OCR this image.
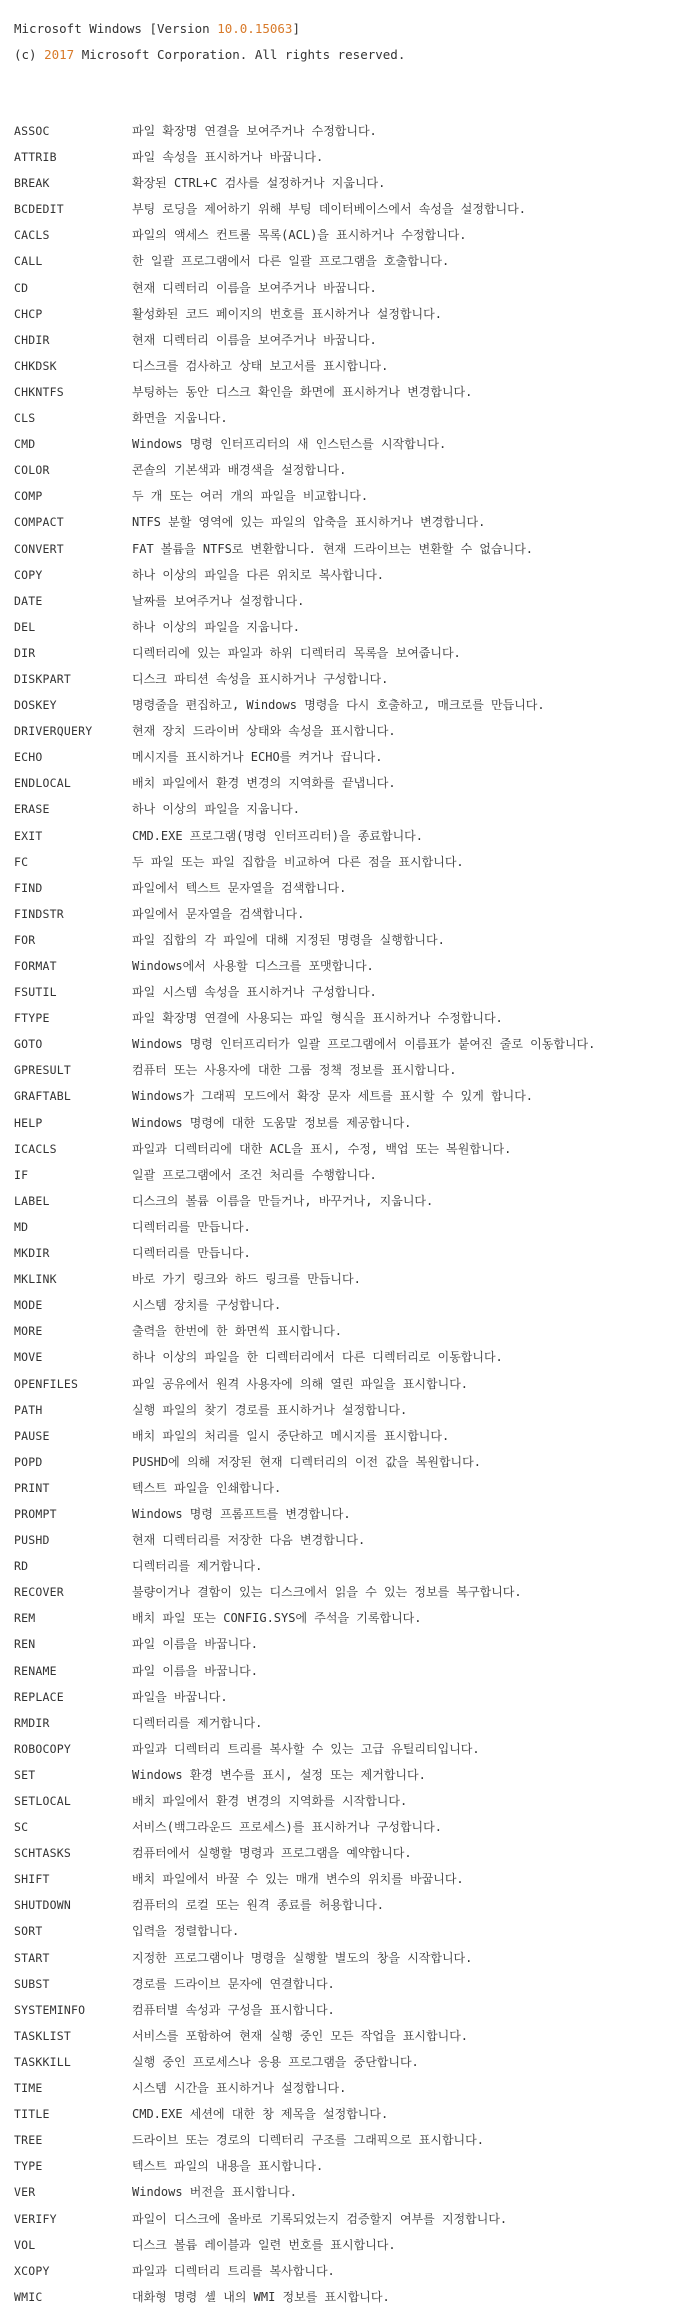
Microsoft Windows [Version 10.0.15063]
(c) 2017 Microsoft Corporation. All rights reserved.
ASSOC	파일 확장명 연결을 보여주거나 수정합니다.
ATTRIB	파일 속성을 표시하거나 바꿉니다.
BREAK	확장된 CTRL+C 검사를 설정하거나 지웁니다.
BCDEDIT	부팅 로딩을 제어하기 위해 부팅 데이터베이스에서 속성을 설정합니다.
CACLS	파일의 액세스 컨트롤 목록(ACL)을 표시하거나 수정합니다.
CALL	한 일괄 프로그램에서 다른 일괄 프로그램을 호출합니다.
CD	현재 디렉터리 이름을 보여주거나 바꿉니다.
CHCP	활성화된 코드 페이지의 번호를 표시하거나 설정합니다.
CHDIR	현재 디렉터리 이름을 보여주거나 바꿉니다.
CHKDSK	디스크를 검사하고 상태 보고서를 표시합니다.
CHKNTFS	부팅하는 동안 디스크 확인을 화면에 표시하거나 변경합니다.
CLS	화면을 지웁니다.
CMD	Windows 명령 인터프리터의 새 인스턴스를 시작합니다.
COLOR	콘솔의 기본색과 배경색을 설정합니다.
COMP	두 개 또는 여러 개의 파일을 비교합니다.
COMPACT	NTFS 분할 영역에 있는 파일의 압축을 표시하거나 변경합니다.
CONVERT	FAT 볼륨을 NTFS로 변환합니다. 현재 드라이브는 변환할 수 없습니다.
COPY	하나 이상의 파일을 다른 위치로 복사합니다.
DATE	날짜를 보여주거나 설정합니다.
DEL	하나 이상의 파일을 지웁니다.
DIR	디렉터리에 있는 파일과 하위 디렉터리 목록을 보여줍니다.
DISKPART	디스크 파티션 속성을 표시하거나 구성합니다.
DOSKEY	명령줄을 편집하고, Windows 명령을 다시 호출하고, 매크로를 만듭니다.
DRIVERQUERY	현재 장치 드라이버 상태와 속성을 표시합니다.
ECHO	메시지를 표시하거나 ECHO를 켜거나 끕니다.
ENDLOCAL	배치 파일에서 환경 변경의 지역화를 끝냅니다.
ERASE	하나 이상의 파일을 지웁니다.
EXIT	CMD.EXE 프로그램(명령 인터프리터)을 종료합니다.
FC	두 파일 또는 파일 집합을 비교하여 다른 점을 표시합니다.
FIND	파일에서 텍스트 문자열을 검색합니다.
FINDSTR	파일에서 문자열을 검색합니다.
FOR	파일 집합의 각 파일에 대해 지정된 명령을 실행합니다.
FORMAT	Windows에서 사용할 디스크를 포맷합니다.
FSUTIL	파일 시스템 속성을 표시하거나 구성합니다.
FTYPE	파일 확장명 연결에 사용되는 파일 형식을 표시하거나 수정합니다.
GOTO	Windows 명령 인터프리터가 일괄 프로그램에서 이름표가 붙여진 줄로 이동합니다.
GPRESULT	컴퓨터 또는 사용자에 대한 그룹 정책 정보를 표시합니다.
GRAFTABL	Windows가 그래픽 모드에서 확장 문자 세트를 표시할 수 있게 합니다.
HELP	Windows 명령에 대한 도움말 정보를 제공합니다.
ICACLS	파일과 디렉터리에 대한 ACL을 표시, 수정, 백업 또는 복원합니다.
IF	일괄 프로그램에서 조건 처리를 수행합니다.
LABEL	디스크의 볼륨 이름을 만들거나, 바꾸거나, 지웁니다.
MD	디렉터리를 만듭니다.
MKDIR	디렉터리를 만듭니다.
MKLINK	바로 가기 링크와 하드 링크를 만듭니다.
MODE	시스템 장치를 구성합니다.
MORE	출력을 한번에 한 화면씩 표시합니다.
MOVE	하나 이상의 파일을 한 디렉터리에서 다른 디렉터리로 이동합니다.
OPENFILES	파일 공유에서 원격 사용자에 의해 열린 파일을 표시합니다.
PATH	실행 파일의 찾기 경로를 표시하거나 설정합니다.
PAUSE	배치 파일의 처리를 일시 중단하고 메시지를 표시합니다.
POPD	PUSHD에 의해 저장된 현재 디렉터리의 이전 값을 복원합니다.
PRINT	텍스트 파일을 인쇄합니다.
PROMPT	Windows 명령 프롬프트를 변경합니다.
PUSHD	현재 디렉터리를 저장한 다음 변경합니다.
RD	디렉터리를 제거합니다.
RECOVER	불량이거나 결함이 있는 디스크에서 읽을 수 있는 정보를 복구합니다.
REM	배치 파일 또는 CONFIG.SYS에 주석을 기록합니다.
REN	파일 이름을 바꿉니다.
RENAME	파일 이름을 바꿉니다.
REPLACE	파일을 바꿉니다.
RMDIR	디렉터리를 제거합니다.
ROBOCOPY	파일과 디렉터리 트리를 복사할 수 있는 고급 유틸리티입니다.
SET	Windows 환경 변수를 표시, 설정 또는 제거합니다.
SETLOCAL	배치 파일에서 환경 변경의 지역화를 시작합니다.
SC	서비스(백그라운드 프로세스)를 표시하거나 구성합니다.
SCHTASKS	컴퓨터에서 실행할 명령과 프로그램을 예약합니다.
SHIFT	배치 파일에서 바꿀 수 있는 매개 변수의 위치를 바꿉니다.
SHUTDOWN	컴퓨터의 로컬 또는 원격 종료를 허용합니다.
SORT	입력을 정렬합니다.
START	지정한 프로그램이나 명령을 실행할 별도의 창을 시작합니다.
SUBST	경로를 드라이브 문자에 연결합니다.
SYSTEMINFO	컴퓨터별 속성과 구성을 표시합니다.
TASKLIST	서비스를 포함하여 현재 실행 중인 모든 작업을 표시합니다.
TASKKILL	실행 중인 프로세스나 응용 프로그램을 중단합니다.
TIME	시스템 시간을 표시하거나 설정합니다.
TITLE	CMD.EXE 세션에 대한 창 제목을 설정합니다.
TREE	드라이브 또는 경로의 디렉터리 구조를 그래픽으로 표시합니다.
TYPE	텍스트 파일의 내용을 표시합니다.
VER	Windows 버전을 표시합니다.
VERIFY	파일이 디스크에 올바로 기록되었는지 검증할지 여부를 지정합니다.
VOL	디스크 볼륨 레이블과 일련 번호를 표시합니다.
XCOPY	파일과 디렉터리 트리를 복사합니다.
WMIC	대화형 명령 셸 내의 WMI 정보를 표시합니다.
